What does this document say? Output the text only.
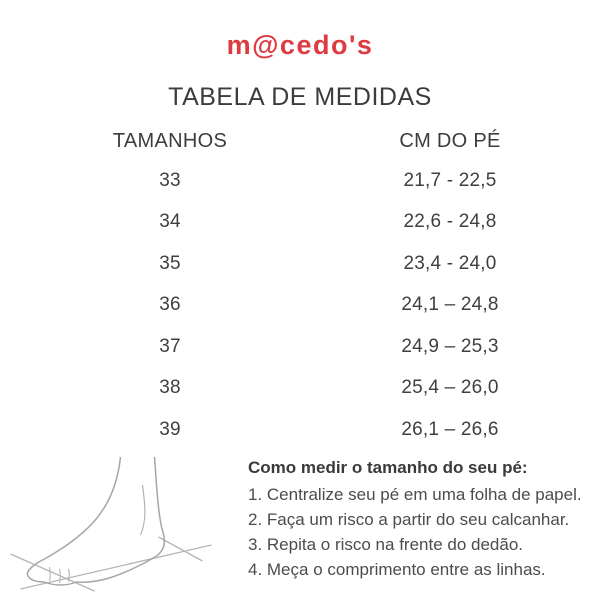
m@cedo's
TABELA DE MEDIDAS
TAMANHOS	CM DO PÉ
33	21,7 - 22,5
34	22,6 - 24,8
35	23,4 - 24,0
36	24,1 – 24,8
37	24,9 – 25,3
38	25,4 – 26,0
39	26,1 – 26,6
Como medir o tamanho do seu pé:
1. Centralize seu pé em uma folha de papel.
2. Faça um risco a partir do seu calcanhar.
3. Repita o risco na frente do dedão.
4. Meça o comprimento entre as linhas.
